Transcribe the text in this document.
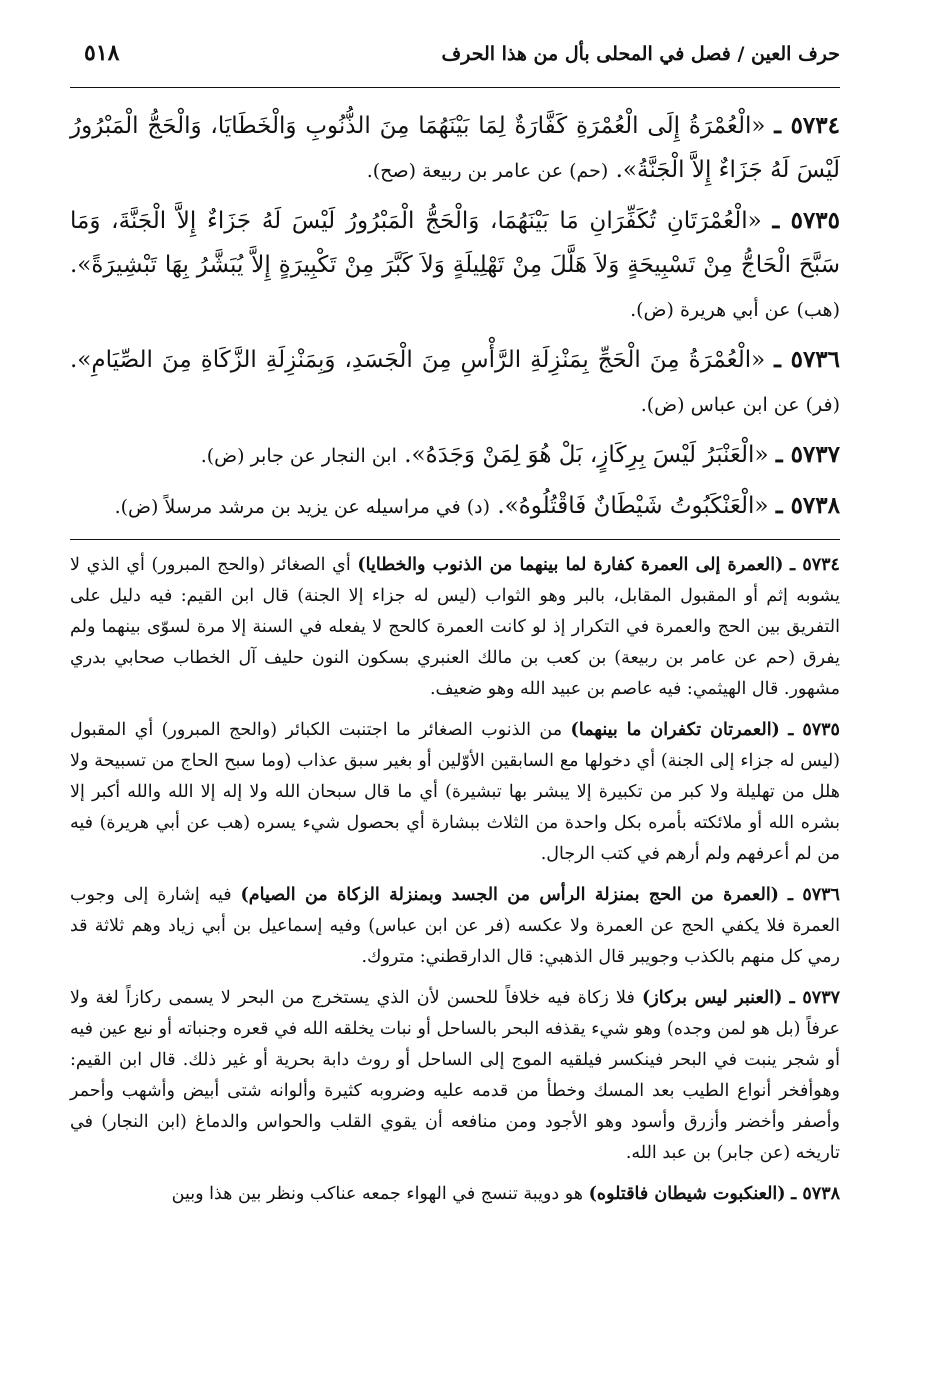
حرف العين / فصل في المحلى بأل من هذا الحرف
٥١٨

٥٧٣٤ ـ «الْعُمْرَةُ إِلَى الْعُمْرَةِ كَفَّارَةٌ لِمَا بَيْنَهُمَا مِنَ الذُّنُوبِ وَالْخَطَايَا، وَالْحَجُّ الْمَبْرُورُ لَيْسَ لَهُ جَزَاءٌ إِلاَّ الْجَنَّةُ». (حم) عن عامر بن ربيعة (صح).

٥٧٣٥ ـ «الْعُمْرَتَانِ تُكَفِّرَانِ مَا بَيْنَهُمَا، وَالْحَجُّ الْمَبْرُورُ لَيْسَ لَهُ جَزَاءٌ إِلاَّ الْجَنَّةَ، وَمَا سَبَّحَ الْحَاجُّ مِنْ تَسْبِيحَةٍ وَلاَ هَلَّلَ مِنْ تَهْلِيلَةٍ وَلاَ كَبَّرَ مِنْ تَكْبِيرَةٍ إِلاَّ يُبَشَّرُ بِهَا تَبْشِيرَةً». (هب) عن أبي هريرة (ض).

٥٧٣٦ ـ «الْعُمْرَةُ مِنَ الْحَجِّ بِمَنْزِلَةِ الرَّأْسِ مِنَ الْجَسَدِ، وَبِمَنْزِلَةِ الزَّكَاةِ مِنَ الصِّيَامِ». (فر) عن ابن عباس (ض).

٥٧٣٧ ـ «الْعَنْبَرُ لَيْسَ بِرِكَازٍ، بَلْ هُوَ لِمَنْ وَجَدَهُ». ابن النجار عن جابر (ض).

٥٧٣٨ ـ «الْعَنْكَبُوتُ شَيْطَانٌ فَاقْتُلُوهُ». (د) في مراسيله عن يزيد بن مرشد مرسلاً (ض).

٥٧٣٤ ـ (العمرة إلى العمرة كفارة لما بينهما من الذنوب والخطايا) أي الصغائر (والحج المبرور) أي الذي لا يشوبه إثم أو المقبول المقابل، بالبر وهو الثواب (ليس له جزاء إلا الجنة) قال ابن القيم: فيه دليل على التفريق بين الحج والعمرة في التكرار إذ لو كانت العمرة كالحج لا يفعله في السنة إلا مرة لسوّى بينهما ولم يفرق (حم عن عامر بن ربيعة) بن كعب بن مالك العنبري بسكون النون حليف آل الخطاب صحابي بدري مشهور. قال الهيثمي: فيه عاصم بن عبيد الله وهو ضعيف.

٥٧٣٥ ـ (العمرتان تكفران ما بينهما) من الذنوب الصغائر ما اجتنبت الكبائر (والحج المبرور) أي المقبول (ليس له جزاء إلى الجنة) أي دخولها مع السابقين الأوّلين أو بغير سبق عذاب (وما سبح الحاج من تسبيحة ولا هلل من تهليلة ولا كبر من تكبيرة إلا يبشر بها تبشيرة) أي ما قال سبحان الله ولا إله إلا الله والله أكبر إلا بشره الله أو ملائكته بأمره بكل واحدة من الثلاث ببشارة أي بحصول شيء يسره (هب عن أبي هريرة) فيه من لم أعرفهم ولم أرهم في كتب الرجال.

٥٧٣٦ ـ (العمرة من الحج بمنزلة الرأس من الجسد وبمنزلة الزكاة من الصيام) فيه إشارة إلى وجوب العمرة فلا يكفي الحج عن العمرة ولا عكسه (فر عن ابن عباس) وفيه إسماعيل بن أبي زياد وهم ثلاثة قد رمي كل منهم بالكذب وجويبر قال الذهبي: قال الدارقطني: متروك.

٥٧٣٧ ـ (العنبر ليس بركاز) فلا زكاة فيه خلافاً للحسن لأن الذي يستخرج من البحر لا يسمى ركازاً لغة ولا عرفاً (بل هو لمن وجده) وهو شيء يقذفه البحر بالساحل أو نبات يخلقه الله في قعره وجنباته أو نبع عين فيه أو شجر ينبت في البحر فينكسر فيلقيه الموج إلى الساحل أو روث دابة بحرية أو غير ذلك. قال ابن القيم: وهوأفخر أنواع الطيب بعد المسك وخطأ من قدمه عليه وضروبه كثيرة وألوانه شتى أبيض وأشهب وأحمر وأصفر وأخضر وأزرق وأسود وهو الأجود ومن منافعه أن يقوي القلب والحواس والدماغ (ابن النجار) في تاريخه (عن جابر) بن عبد الله.

٥٧٣٨ ـ (العنكبوت شيطان فاقتلوه) هو دويبة تنسج في الهواء جمعه عناكب ونظر بين هذا وبين
